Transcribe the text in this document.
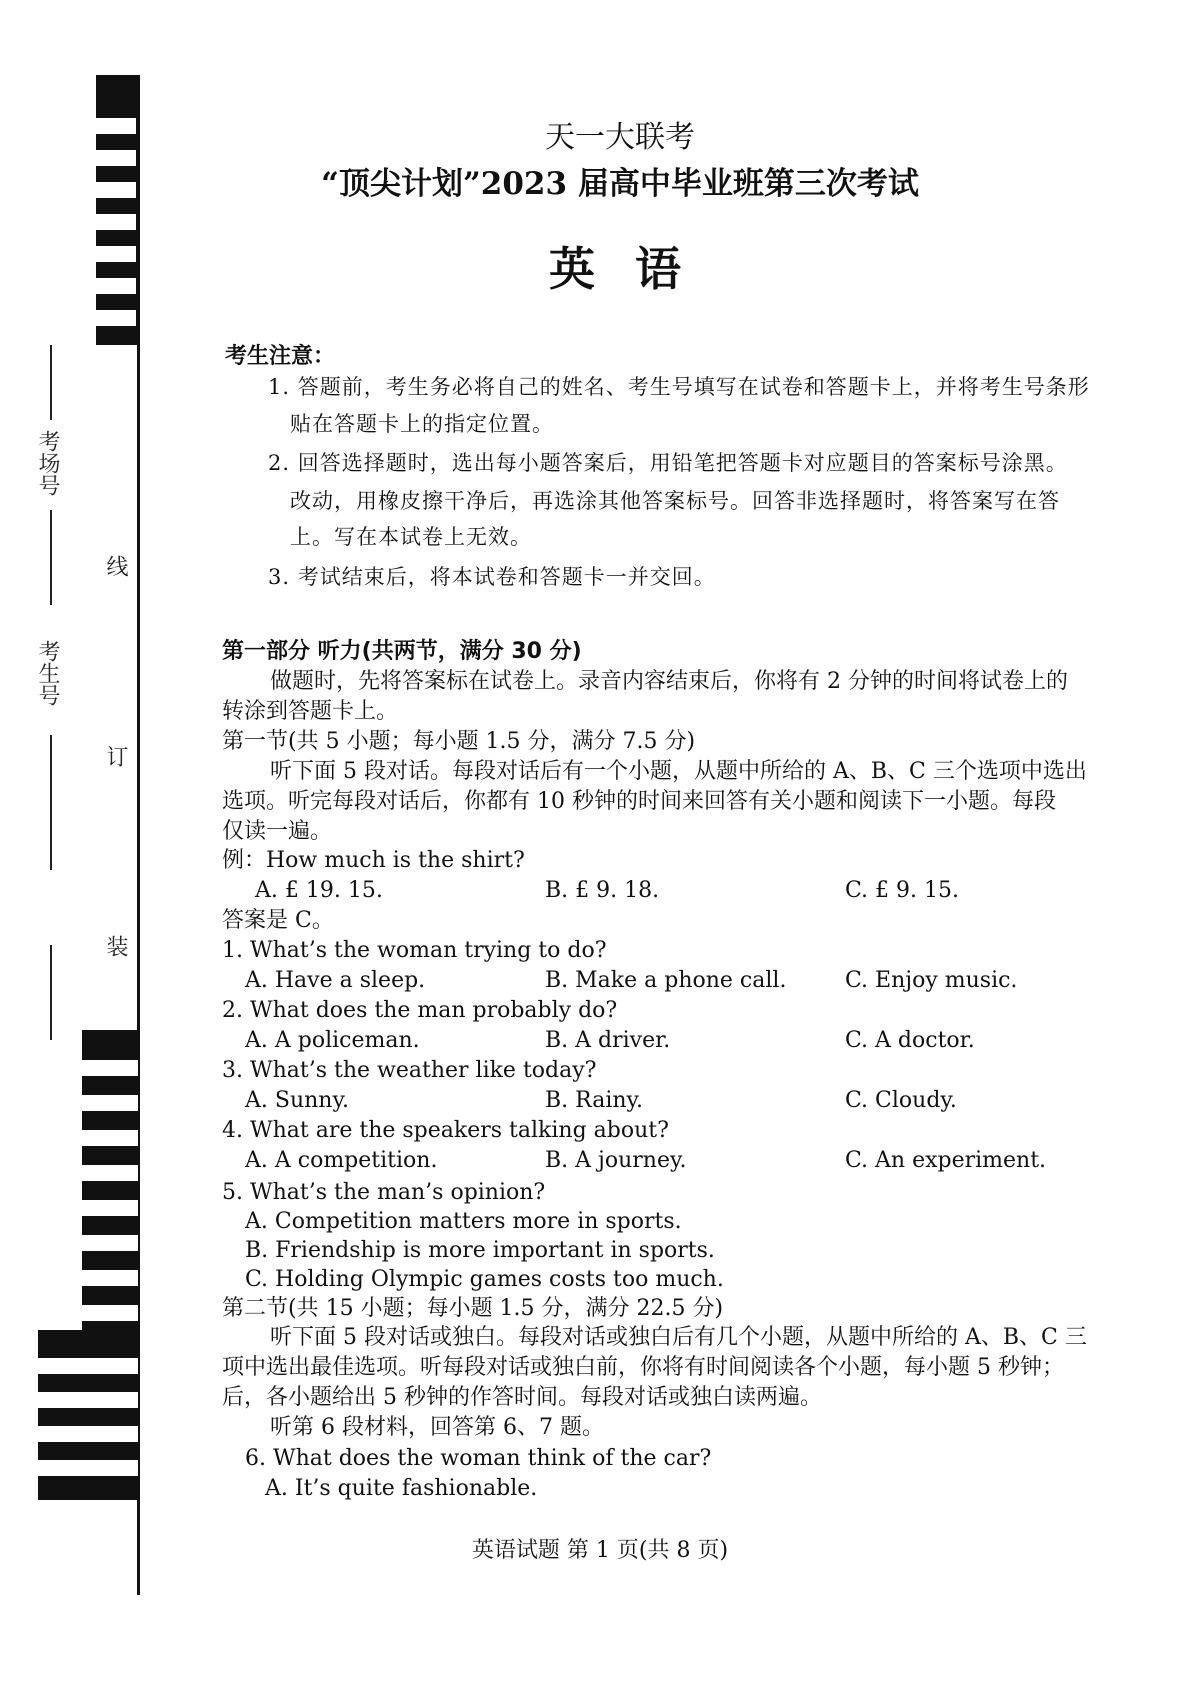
线
订
装
考场号
考生号
天一大联考
“顶尖计划”2023 届高中毕业班第三次考试
英语
考生注意：
1. 答题前，考生务必将自己的姓名、考生号填写在试卷和答题卡上，并将考生号条形
贴在答题卡上的指定位置。
2. 回答选择题时，选出每小题答案后，用铅笔把答题卡对应题目的答案标号涂黑。
改动，用橡皮擦干净后，再选涂其他答案标号。回答非选择题时，将答案写在答
上。写在本试卷上无效。
3. 考试结束后，将本试卷和答题卡一并交回。
第一部分 听力(共两节，满分 30 分)
做题时，先将答案标在试卷上。录音内容结束后，你将有 2 分钟的时间将试卷上的
转涂到答题卡上。
第一节(共 5 小题；每小题 1.5 分，满分 7.5 分)
听下面 5 段对话。每段对话后有一个小题，从题中所给的 A、B、C 三个选项中选出
选项。听完每段对话后，你都有 10 秒钟的时间来回答有关小题和阅读下一小题。每段
仅读一遍。
例：How much is the shirt?
A. £ 19. 15.	B. £ 9. 18.	C. £ 9. 15.
答案是 C。
1. What’s the woman trying to do?
A. Have a sleep.	B. Make a phone call.	C. Enjoy music.
2. What does the man probably do?
A. A policeman.	B. A driver.	C. A doctor.
3. What’s the weather like today?
A. Sunny.	B. Rainy.	C. Cloudy.
4. What are the speakers talking about?
A. A competition.	B. A journey.	C. An experiment.
5. What’s the man’s opinion?
A. Competition matters more in sports.
B. Friendship is more important in sports.
C. Holding Olympic games costs too much.
第二节(共 15 小题；每小题 1.5 分，满分 22.5 分)
听下面 5 段对话或独白。每段对话或独白后有几个小题，从题中所给的 A、B、C 三
项中选出最佳选项。听每段对话或独白前，你将有时间阅读各个小题，每小题 5 秒钟；
后，各小题给出 5 秒钟的作答时间。每段对话或独白读两遍。
听第 6 段材料，回答第 6、7 题。
6. What does the woman think of the car?
A. It’s quite fashionable.
英语试题 第 1 页(共 8 页)
